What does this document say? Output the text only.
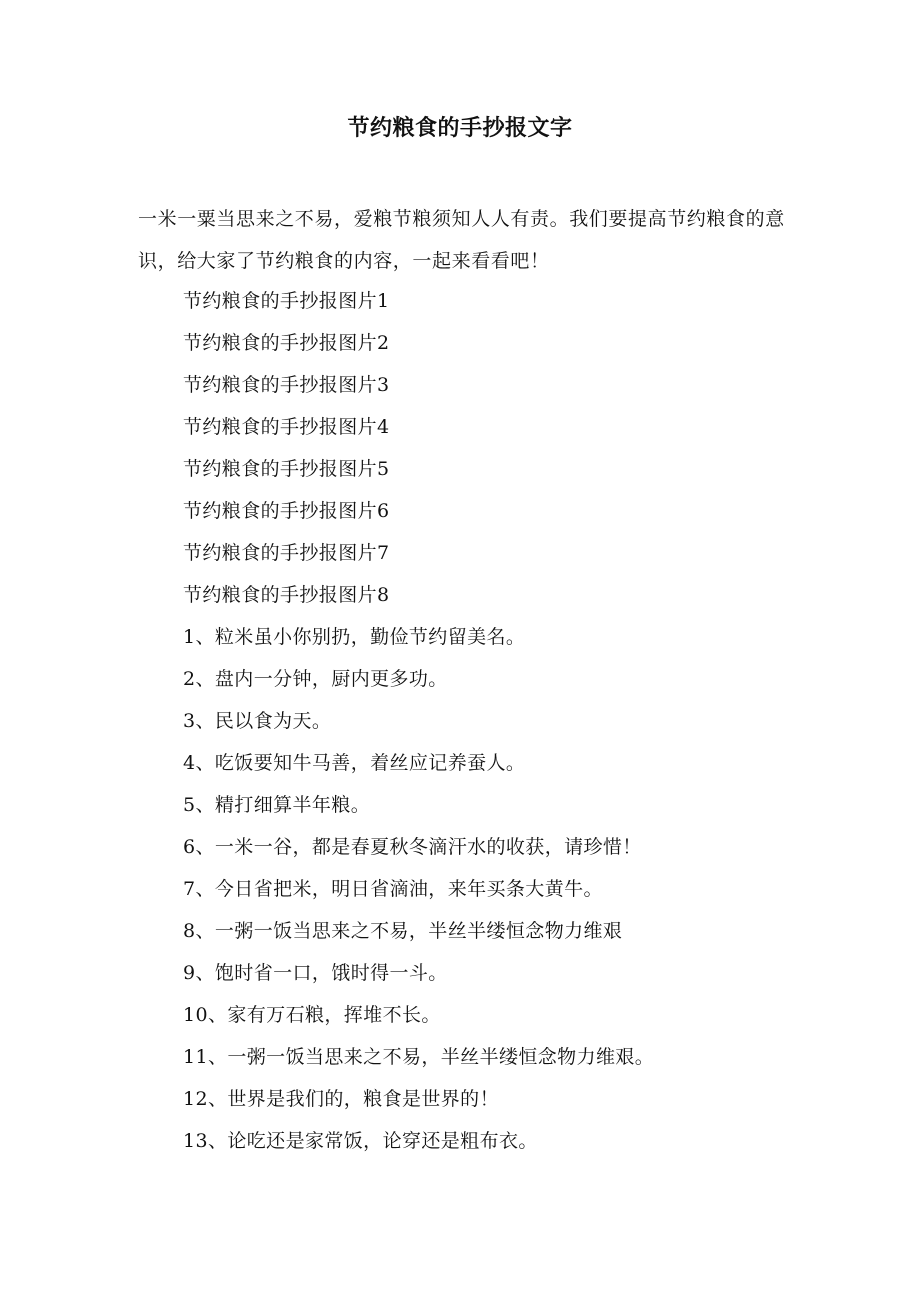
节约粮食的手抄报文字
一米一粟当思来之不易，爱粮节粮须知人人有责。我们要提高节约粮食的意识，给大家了节约粮食的内容，一起来看看吧！
节约粮食的手抄报图片1
节约粮食的手抄报图片2
节约粮食的手抄报图片3
节约粮食的手抄报图片4
节约粮食的手抄报图片5
节约粮食的手抄报图片6
节约粮食的手抄报图片7
节约粮食的手抄报图片8
1、粒米虽小你别扔，勤俭节约留美名。
2、盘内一分钟，厨内更多功。
3、民以食为天。
4、吃饭要知牛马善，着丝应记养蚕人。
5、精打细算半年粮。
6、一米一谷，都是春夏秋冬滴汗水的收获，请珍惜！
7、今日省把米，明日省滴油，来年买条大黄牛。
8、一粥一饭当思来之不易，半丝半缕恒念物力维艰
9、饱时省一口，饿时得一斗。
10、家有万石粮，挥堆不长。
11、一粥一饭当思来之不易，半丝半缕恒念物力维艰。
12、世界是我们的，粮食是世界的！
13、论吃还是家常饭，论穿还是粗布衣。
